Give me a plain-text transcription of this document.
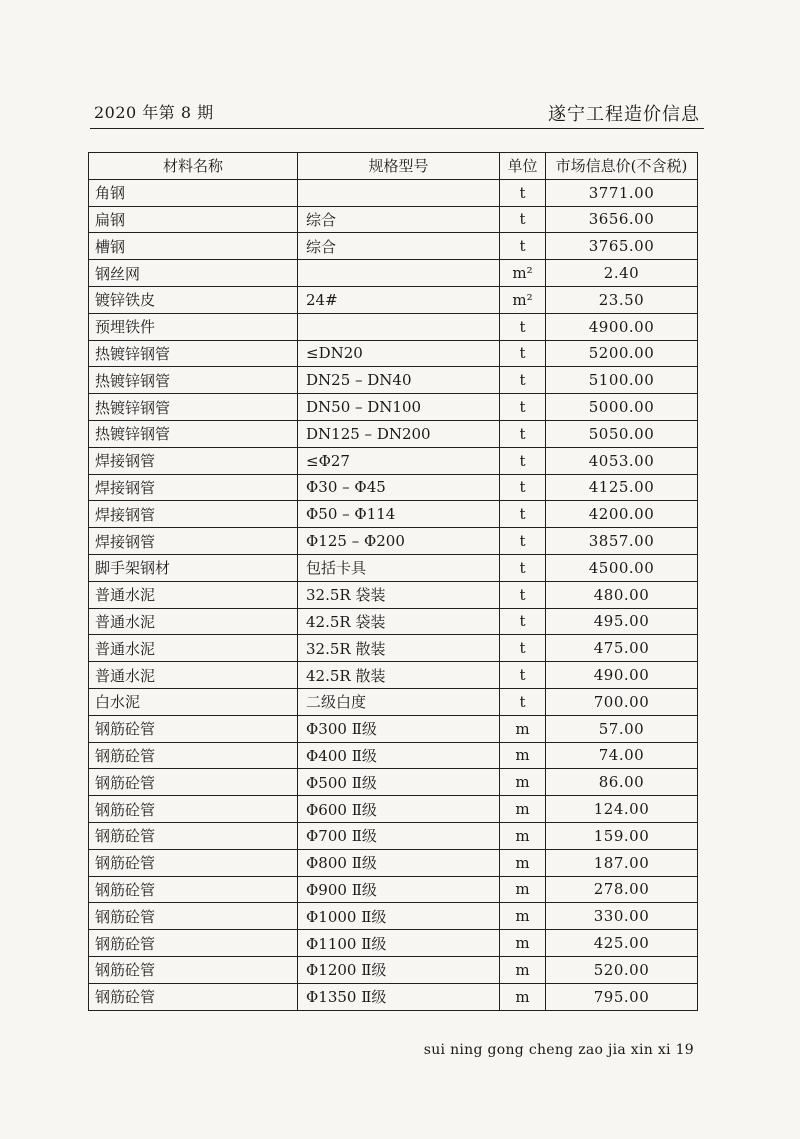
2020 年第 8 期	遂宁工程造价信息
材料名称	规格型号	单位	市场信息价(不含税)
角钢		t	3771.00
扁钢	综合	t	3656.00
槽钢	综合	t	3765.00
钢丝网		m²	2.40
镀锌铁皮	24#	m²	23.50
预埋铁件		t	4900.00
热镀锌钢管	≤DN20	t	5200.00
热镀锌钢管	DN25 – DN40	t	5100.00
热镀锌钢管	DN50 – DN100	t	5000.00
热镀锌钢管	DN125 – DN200	t	5050.00
焊接钢管	≤Φ27	t	4053.00
焊接钢管	Φ30 – Φ45	t	4125.00
焊接钢管	Φ50 – Φ114	t	4200.00
焊接钢管	Φ125 – Φ200	t	3857.00
脚手架钢材	包括卡具	t	4500.00
普通水泥	32.5R 袋装	t	480.00
普通水泥	42.5R 袋装	t	495.00
普通水泥	32.5R 散装	t	475.00
普通水泥	42.5R 散装	t	490.00
白水泥	二级白度	t	700.00
钢筋砼管	Φ300 Ⅱ级	m	57.00
钢筋砼管	Φ400 Ⅱ级	m	74.00
钢筋砼管	Φ500 Ⅱ级	m	86.00
钢筋砼管	Φ600 Ⅱ级	m	124.00
钢筋砼管	Φ700 Ⅱ级	m	159.00
钢筋砼管	Φ800 Ⅱ级	m	187.00
钢筋砼管	Φ900 Ⅱ级	m	278.00
钢筋砼管	Φ1000 Ⅱ级	m	330.00
钢筋砼管	Φ1100 Ⅱ级	m	425.00
钢筋砼管	Φ1200 Ⅱ级	m	520.00
钢筋砼管	Φ1350 Ⅱ级	m	795.00
sui ning gong cheng zao jia xin xi 19
